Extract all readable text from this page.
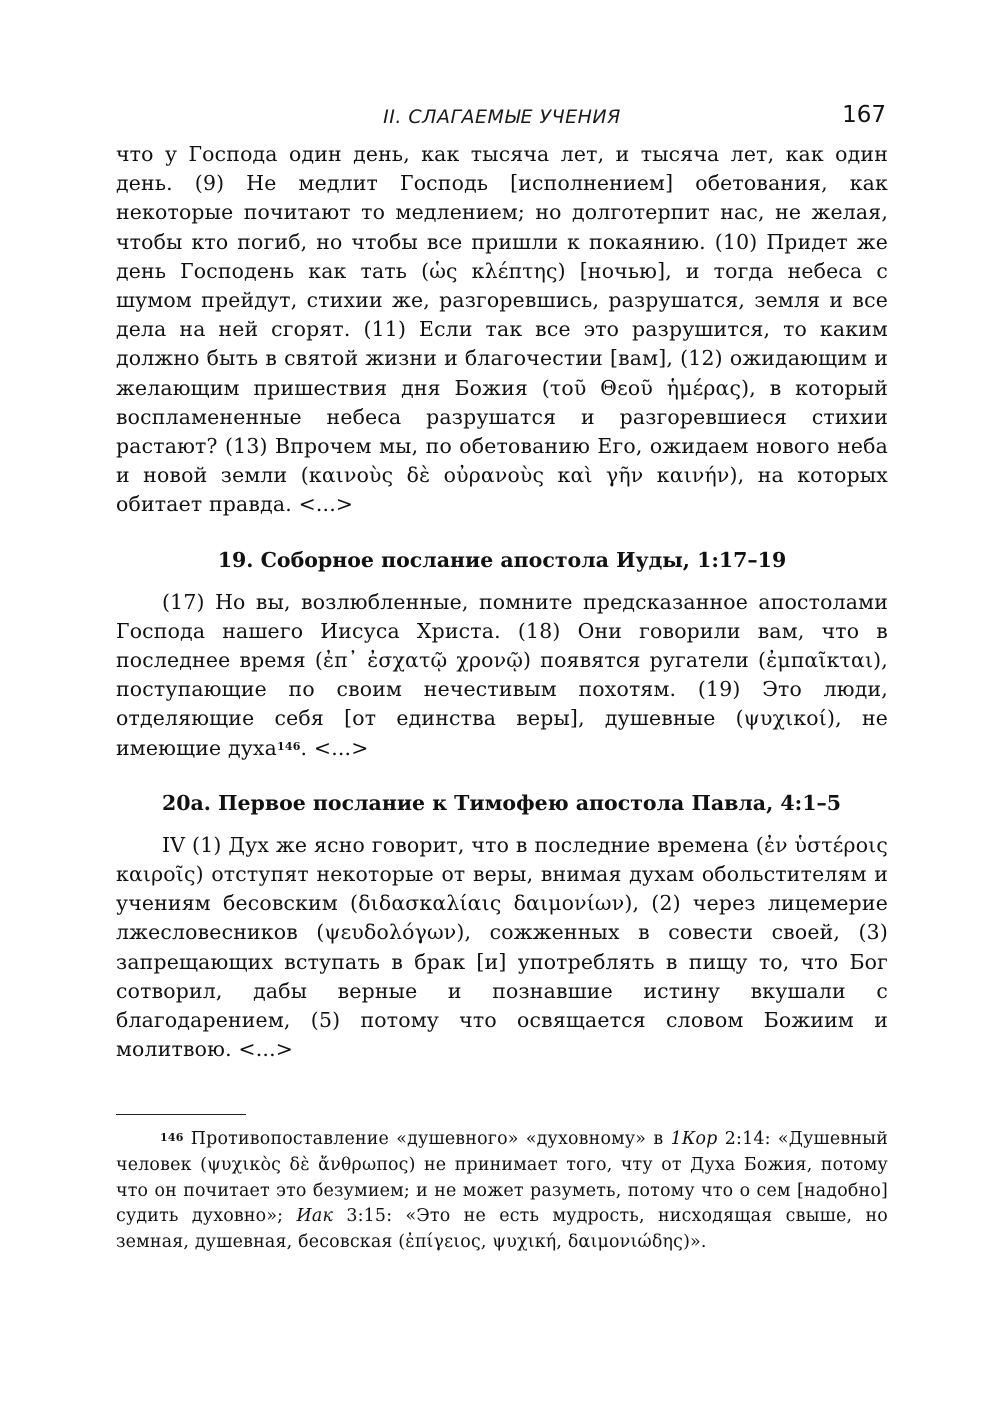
II. СЛАГАЕМЫЕ УЧЕНИЯ	167

что у Господа один день, как тысяча лет, и тысяча лет, как один день. (9) Не медлит Господь [исполнением] обетования, как некоторые почитают то медлением; но долготерпит нас, не желая, чтобы кто погиб, но чтобы все пришли к покаянию. (10) Придет же день Господень как тать (ὡς κλέπτης) [ночью], и тогда небеса с шумом прейдут, стихии же, разгоревшись, разрушатся, земля и все дела на ней сгорят. (11) Если так все это разрушится, то каким должно быть в святой жизни и благочестии [вам], (12) ожидающим и желающим пришествия дня Божия (τοῦ Θεοῦ ἡμέρας), в который воспламененные небеса разрушатся и разгоревшиеся стихии растают? (13) Впрочем мы, по обетованию Его, ожидаем нового неба и новой земли (καινοὺς δὲ οὐρανοὺς καὶ γῆν καινήν), на которых обитает правда. <...>

19. Соборное послание апостола Иуды, 1:17–19

(17) Но вы, возлюбленные, помните предсказанное апостолами Господа нашего Иисуса Христа. (18) Они говорили вам, что в последнее время (ἐπ᾽ ἐσχατῷ χρονῷ) появятся ругатели (ἐμπαῖκται), поступающие по своим нечестивым похотям. (19) Это люди, отделяющие себя [от единства веры], душевные (ψυχικοί), не имеющие духа$^{146}$. <...>

20а. Первое послание к Тимофею апостола Павла, 4:1–5

IV (1) Дух же ясно говорит, что в последние времена (ἐν ὑστέροις καιροῖς) отступят некоторые от веры, внимая духам обольстителям и учениям бесовским (διδασκαλίαις δαιμονίων), (2) через лицемерие лжесловесников (ψευδολόγων), сожженных в совести своей, (3) запрещающих вступать в брак [и] употреблять в пищу то, что Бог сотворил, дабы верные и познавшие истину вкушали с благодарением, (5) потому что освящается словом Божиим и молитвою. <...>

$^{146}$ Противопоставление «душевного» «духовному» в 1Кор 2:14: «Душевный человек (ψυχικὸς δὲ ἄνθρωπος) не принимает того, чту от Духа Божия, потому что он почитает это безумием; и не может разуметь, потому что о сем [надобно] судить духовно»; Иак 3:15: «Это не есть мудрость, нисходящая свыше, но земная, душевная, бесовская (ἐπίγειος, ψυχική, δαιμονιώδης)».
